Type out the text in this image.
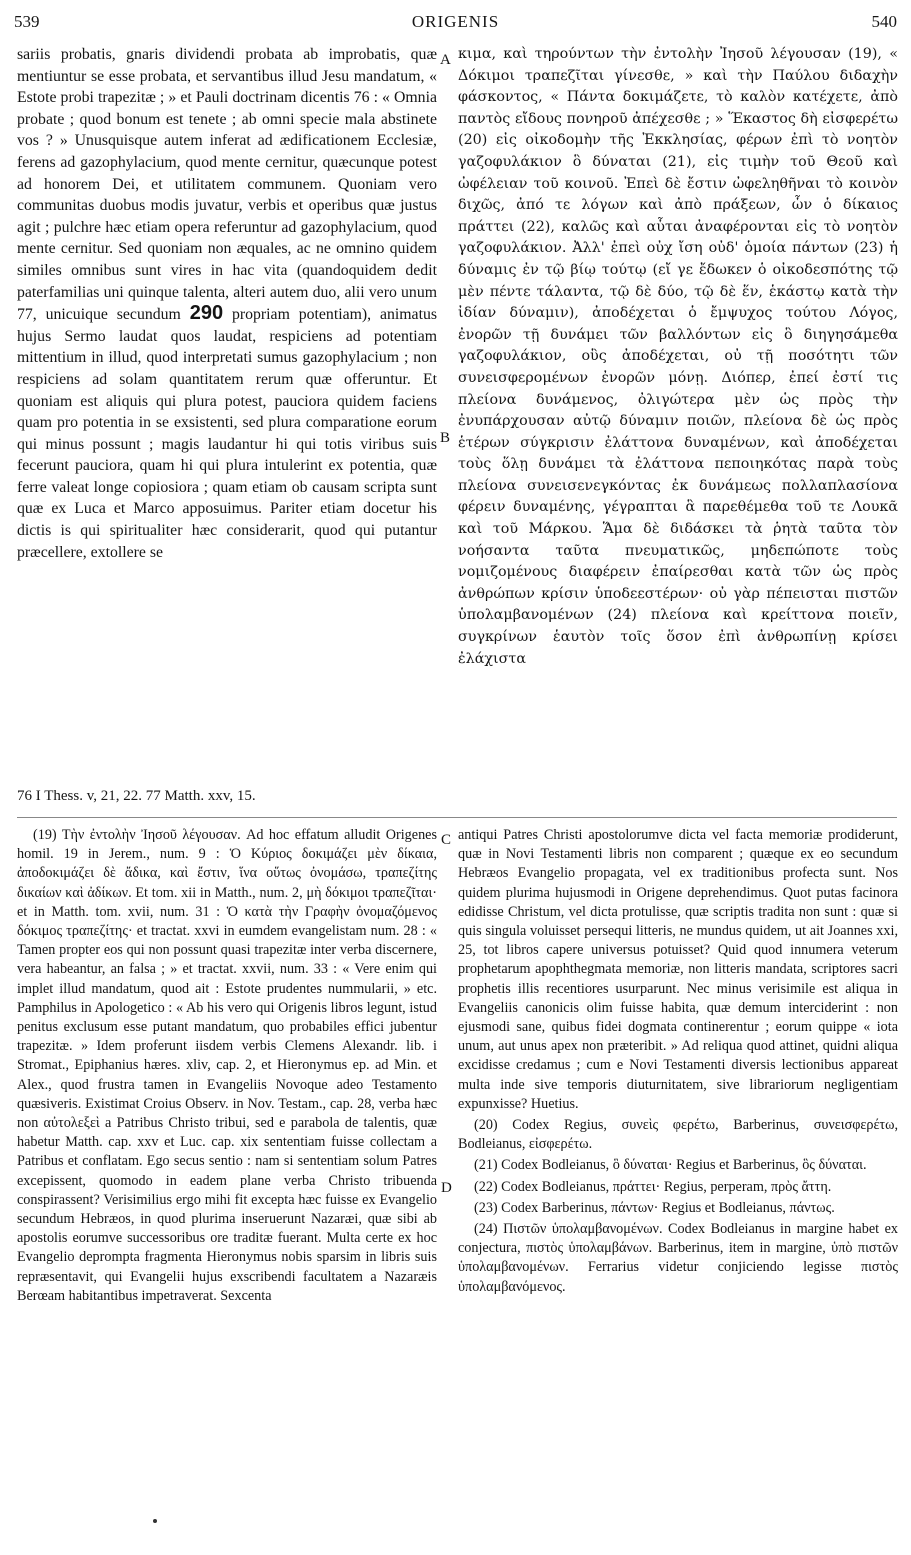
539	ORIGENIS	540

sariis probatis, gnaris dividendi probata ab improbatis, quæ mentiuntur se esse probata, et servantibus illud Jesu mandatum, « Estote probi trapezitæ ; » et Pauli doctrinam dicentis 76 : « Omnia probate ; quod bonum est tenete ; ab omni specie mala abstinete vos ? » Unusquisque autem inferat ad ædificationem Ecclesiæ, ferens ad gazophylacium, quod mente cernitur, quæcunque potest ad honorem Dei, et utilitatem communem. Quoniam vero communitas duobus modis juvatur, verbis et operibus quæ justus agit ; pulchre hæc etiam opera referuntur ad gazophylacium, quod mente cernitur. Sed quoniam non æquales, ac ne omnino quidem similes omnibus sunt vires in hac vita (quandoquidem dedit paterfamilias uni quinque talenta, alteri autem duo, alii vero unum 77, unicuique secundum 290 propriam potentiam), animatus hujus Sermo laudat quos laudat, respiciens ad potentiam mittentium in illud, quod interpretati sumus gazophylacium ; non respiciens ad solam quantitatem rerum quæ offeruntur. Et quoniam est aliquis qui plura potest, pauciora quidem faciens quam pro potentia in se exsistenti, sed plura comparatione eorum qui minus possunt ; magis laudantur hi qui totis viribus suis fecerunt pauciora, quam hi qui plura intulerint ex potentia, quæ ferre valeat longe copiosiora ; quam etiam ob causam scripta sunt quæ ex Luca et Marco apposuimus. Pariter etiam docetur his dictis is qui spiritualiter hæc considerarit, quod qui putantur præcellere, extollere se

A
B

κιμα, καὶ τηρούντων τὴν ἐντολὴν Ἰησοῦ λέγουσαν (19), « Δόκιμοι τραπεζῖται γίνεσθε, » καὶ τὴν Παύλου διδαχὴν φάσκοντος, « Πάντα δοκιμάζετε, τὸ καλὸν κατέχετε, ἀπὸ παντὸς εἴδους πονηροῦ ἀπέχεσθε ; » Ἕκαστος δὴ εἰσφερέτω (20) εἰς οἰκοδομὴν τῆς Ἐκκλησίας, φέρων ἐπὶ τὸ νοητὸν γαζοφυλάκιον ὃ δύναται (21), εἰς τιμὴν τοῦ Θεοῦ καὶ ὠφέλειαν τοῦ κοινοῦ. Ἐπεὶ δὲ ἔστιν ὠφεληθῆναι τὸ κοινὸν διχῶς, ἀπό τε λόγων καὶ ἀπὸ πράξεων, ὧν ὁ δίκαιος πράττει (22), καλῶς καὶ αὗται ἀναφέρονται εἰς τὸ νοητὸν γαζοφυλάκιον. Ἀλλ' ἐπεὶ οὐχ ἴση οὐδ' ὁμοία πάντων (23) ἡ δύναμις ἐν τῷ βίῳ τούτῳ (εἴ γε ἔδωκεν ὁ οἰκοδεσπότης τῷ μὲν πέντε τάλαντα, τῷ δὲ δύο, τῷ δὲ ἕν, ἑκάστῳ κατὰ τὴν ἰδίαν δύναμιν), ἀποδέχεται ὁ ἔμψυχος τούτου Λόγος, ἐνορῶν τῇ δυνάμει τῶν βαλλόντων εἰς ὃ διηγησάμεθα γαζοφυλάκιον, οὓς ἀποδέχεται, οὐ τῇ ποσότητι τῶν συνεισφερομένων ἐνορῶν μόνῃ. Διόπερ, ἐπεί ἐστί τις πλείονα δυνάμενος, ὀλιγώτερα μὲν ὡς πρὸς τὴν ἐνυπάρχουσαν αὐτῷ δύναμιν ποιῶν, πλείονα δὲ ὡς πρὸς ἑτέρων σύγκρισιν ἐλάττονα δυναμένων, καὶ ἀποδέχεται τοὺς ὅλῃ δυνάμει τὰ ἐλάττονα πεποιηκότας παρὰ τοὺς πλείονα συνεισενεγκόντας ἐκ δυνάμεως πολλαπλασίονα φέρειν δυναμένης, γέγραπται ἃ παρεθέμεθα τοῦ τε Λουκᾶ καὶ τοῦ Μάρκου. Ἅμα δὲ διδάσκει τὰ ῥητὰ ταῦτα τὸν νοήσαντα ταῦτα πνευματικῶς, μηδεπώποτε τοὺς νομιζομένους διαφέρειν ἐπαίρεσθαι κατὰ τῶν ὡς πρὸς ἀνθρώπων κρίσιν ὑποδεεστέρων· οὐ γὰρ πέπεισται πιστῶν ὑπολαμβανομένων (24) πλείονα καὶ κρείττονα ποιεῖν, συγκρίνων ἑαυτὸν τοῖς ὅσον ἐπὶ ἀνθρωπίνῃ κρίσει ἐλάχιστα

76 I Thess. v, 21, 22. 77 Matth. xxv, 15.

(19) Τὴν ἐντολὴν Ἰησοῦ λέγουσαν. Ad hoc effatum alludit Origenes homil. 19 in Jerem., num. 9 : Ὁ Κύριος δοκιμάζει μὲν δίκαια, ἀποδοκιμάζει δὲ ἄδικα, καὶ ἔστιν, ἵνα οὕτως ὀνομάσω, τραπεζίτης δικαίων καὶ ἀδίκων. Et tom. xii in Matth., num. 2, μὴ δόκιμοι τραπεζῖται· et in Matth. tom. xvii, num. 31 : Ὁ κατὰ τὴν Γραφὴν ὀνομαζόμενος δόκιμος τραπεζίτης· et tractat. xxvi in eumdem evangelistam num. 28 : « Tamen propter eos qui non possunt quasi trapezitæ inter verba discernere, vera habeantur, an falsa ; » et tractat. xxvii, num. 33 : « Vere enim qui implet illud mandatum, quod ait : Estote prudentes nummularii, » etc. Pamphilus in Apologetico : « Ab his vero qui Origenis libros legunt, istud penitus exclusum esse putant mandatum, quo probabiles effici jubentur trapezitæ. » Idem proferunt iisdem verbis Clemens Alexandr. lib. i Stromat., Epiphanius hæres. xliv, cap. 2, et Hieronymus ep. ad Min. et Alex., quod frustra tamen in Evangeliis Novoque adeo Testamento quæsiveris. Existimat Croius Observ. in Nov. Testam., cap. 28, verba hæc non αὐτολεξεὶ a Patribus Christo tribui, sed e parabola de talentis, quæ habetur Matth. cap. xxv et Luc. cap. xix sententiam fuisse collectam a Patribus et conflatam. Ego secus sentio : nam si sententiam solum Patres excepissent, quomodo in eadem plane verba Christo tribuenda conspirassent? Verisimilius ergo mihi fit excepta hæc fuisse ex Evangelio secundum Hebræos, in quod plurima inseruerunt Nazaræi, quæ sibi ab apostolis eorumve successoribus ore traditæ fuerant. Multa certe ex hoc Evangelio deprompta fragmenta Hieronymus nobis sparsim in libris suis repræsentavit, qui Evangelii hujus exscribendi facultatem a Nazaræis Berœam habitantibus impetraverat. Sexcenta

C
D

antiqui Patres Christi apostolorumve dicta vel facta memoriæ prodiderunt, quæ in Novi Testamenti libris non comparent ; quæque ex eo secundum Hebræos Evangelio propagata, vel ex traditionibus profecta sunt. Nos quidem plurima hujusmodi in Origene deprehendimus. Quot putas facinora edidisse Christum, vel dicta protulisse, quæ scriptis tradita non sunt : quæ si quis singula voluisset persequi litteris, ne mundus quidem, ut ait Joannes xxi, 25, tot libros capere universus potuisset? Quid quod innumera veterum prophetarum apophthegmata memoriæ, non litteris mandata, scriptores sacri prophetis illis recentiores usurparunt. Nec minus verisimile est aliqua in Evangeliis canonicis olim fuisse habita, quæ demum interciderint : non ejusmodi sane, quibus fidei dogmata continerentur ; eorum quippe « iota unum, aut unus apex non præteribit. » Ad reliqua quod attinet, quidni aliqua excidisse credamus ; cum e Novi Testamenti diversis lectionibus appareat multa inde sive temporis diuturnitatem, sive librariorum negligentiam expunxisse? Huetius.

(20) Codex Regius, συνεὶς φερέτω, Barberinus, συνεισφερέτω, Bodleianus, εἰσφερέτω.

(21) Codex Bodleianus, ὃ δύναται· Regius et Barberinus, ὃς δύναται.

(22) Codex Bodleianus, πράττει· Regius, perperam, πρὸς ἄττη.

(23) Codex Barberinus, πάντων· Regius et Bodleianus, πάντως.

(24) Πιστῶν ὑπολαμβανομένων. Codex Bodleianus in margine habet ex conjectura, πιστὸς ὑπολαμβάνων. Barberinus, item in margine, ὑπὸ πιστῶν ὑπολαμβανομένων. Ferrarius videtur conjiciendo legisse πιστὸς ὑπολαμβανόμενος.
